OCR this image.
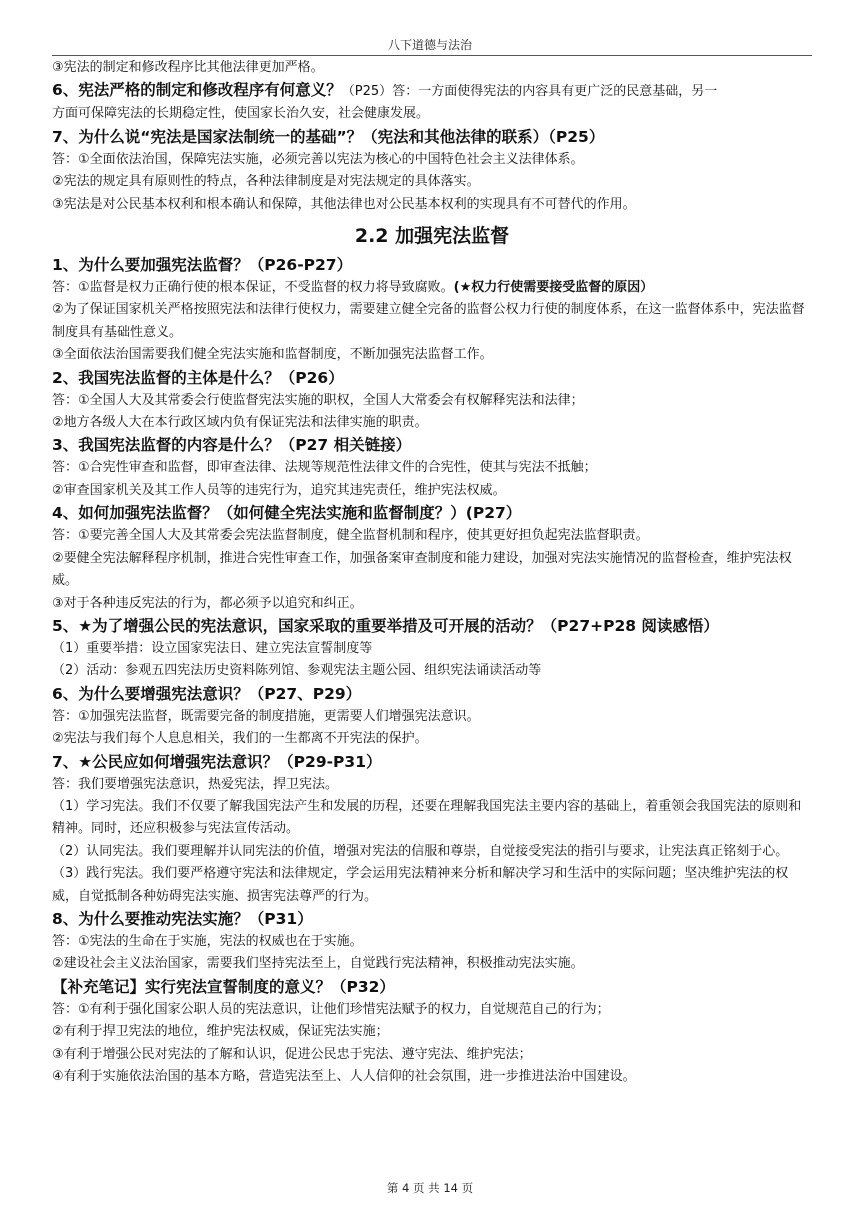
八下道德与法治
③宪法的制定和修改程序比其他法律更加严格。
6、宪法严格的制定和修改程序有何意义？（P25）答：一方面使得宪法的内容具有更广泛的民意基础，另一
方面可保障宪法的长期稳定性，使国家长治久安，社会健康发展。
7、为什么说“宪法是国家法制统一的基础”？（宪法和其他法律的联系）（P25）
答：①全面依法治国，保障宪法实施，必须完善以宪法为核心的中国特色社会主义法律体系。
②宪法的规定具有原则性的特点，各种法律制度是对宪法规定的具体落实。
③宪法是对公民基本权利和根本确认和保障，其他法律也对公民基本权利的实现具有不可替代的作用。
2.2 加强宪法监督
1、为什么要加强宪法监督？（P26-P27）
答：①监督是权力正确行使的根本保证，不受监督的权力将导致腐败。(★权力行使需要接受监督的原因）
②为了保证国家机关严格按照宪法和法律行使权力，需要建立健全完备的监督公权力行使的制度体系，在这一监督体系中，宪法监督制度具有基础性意义。
③全面依法治国需要我们健全宪法实施和监督制度，不断加强宪法监督工作。
2、我国宪法监督的主体是什么？（P26）
答：①全国人大及其常委会行使监督宪法实施的职权，全国人大常委会有权解释宪法和法律；
②地方各级人大在本行政区域内负有保证宪法和法律实施的职责。
3、我国宪法监督的内容是什么？（P27 相关链接）
答：①合宪性审查和监督，即审查法律、法规等规范性法律文件的合宪性，使其与宪法不抵触；
②审查国家机关及其工作人员等的违宪行为，追究其违宪责任，维护宪法权威。
4、如何加强宪法监督？（如何健全宪法实施和监督制度？）(P27）
答：①要完善全国人大及其常委会宪法监督制度，健全监督机制和程序，使其更好担负起宪法监督职责。
②要健全宪法解释程序机制，推进合宪性审查工作，加强备案审查制度和能力建设，加强对宪法实施情况的监督检查，维护宪法权威。
③对于各种违反宪法的行为，都必须予以追究和纠正。
5、★为了增强公民的宪法意识，国家采取的重要举措及可开展的活动？（P27+P28 阅读感悟）
（1）重要举措：设立国家宪法日、建立宪法宣誓制度等
（2）活动：参观五四宪法历史资料陈列馆、参观宪法主题公园、组织宪法诵读活动等
6、为什么要增强宪法意识？（P27、P29）
答：①加强宪法监督，既需要完备的制度措施，更需要人们增强宪法意识。
②宪法与我们每个人息息相关，我们的一生都离不开宪法的保护。
7、★公民应如何增强宪法意识？（P29-P31）
答：我们要增强宪法意识，热爱宪法，捍卫宪法。
（1）学习宪法。我们不仅要了解我国宪法产生和发展的历程，还要在理解我国宪法主要内容的基础上，着重领会我国宪法的原则和精神。同时，还应积极参与宪法宣传活动。
（2）认同宪法。我们要理解并认同宪法的价值，增强对宪法的信服和尊崇，自觉接受宪法的指引与要求，让宪法真正铭刻于心。
（3）践行宪法。我们要严格遵守宪法和法律规定，学会运用宪法精神来分析和解决学习和生活中的实际问题；坚决维护宪法的权威，自觉抵制各种妨碍宪法实施、损害宪法尊严的行为。
8、为什么要推动宪法实施？（P31）
答：①宪法的生命在于实施，宪法的权威也在于实施。
②建设社会主义法治国家，需要我们坚持宪法至上，自觉践行宪法精神，积极推动宪法实施。
【补充笔记】实行宪法宣誓制度的意义？（P32）
答：①有利于强化国家公职人员的宪法意识，让他们珍惜宪法赋予的权力，自觉规范自己的行为；
②有利于捍卫宪法的地位，维护宪法权威，保证宪法实施；
③有利于增强公民对宪法的了解和认识，促进公民忠于宪法、遵守宪法、维护宪法；
④有利于实施依法治国的基本方略，营造宪法至上、人人信仰的社会氛围，进一步推进法治中国建设。
第 4 页 共 14 页
